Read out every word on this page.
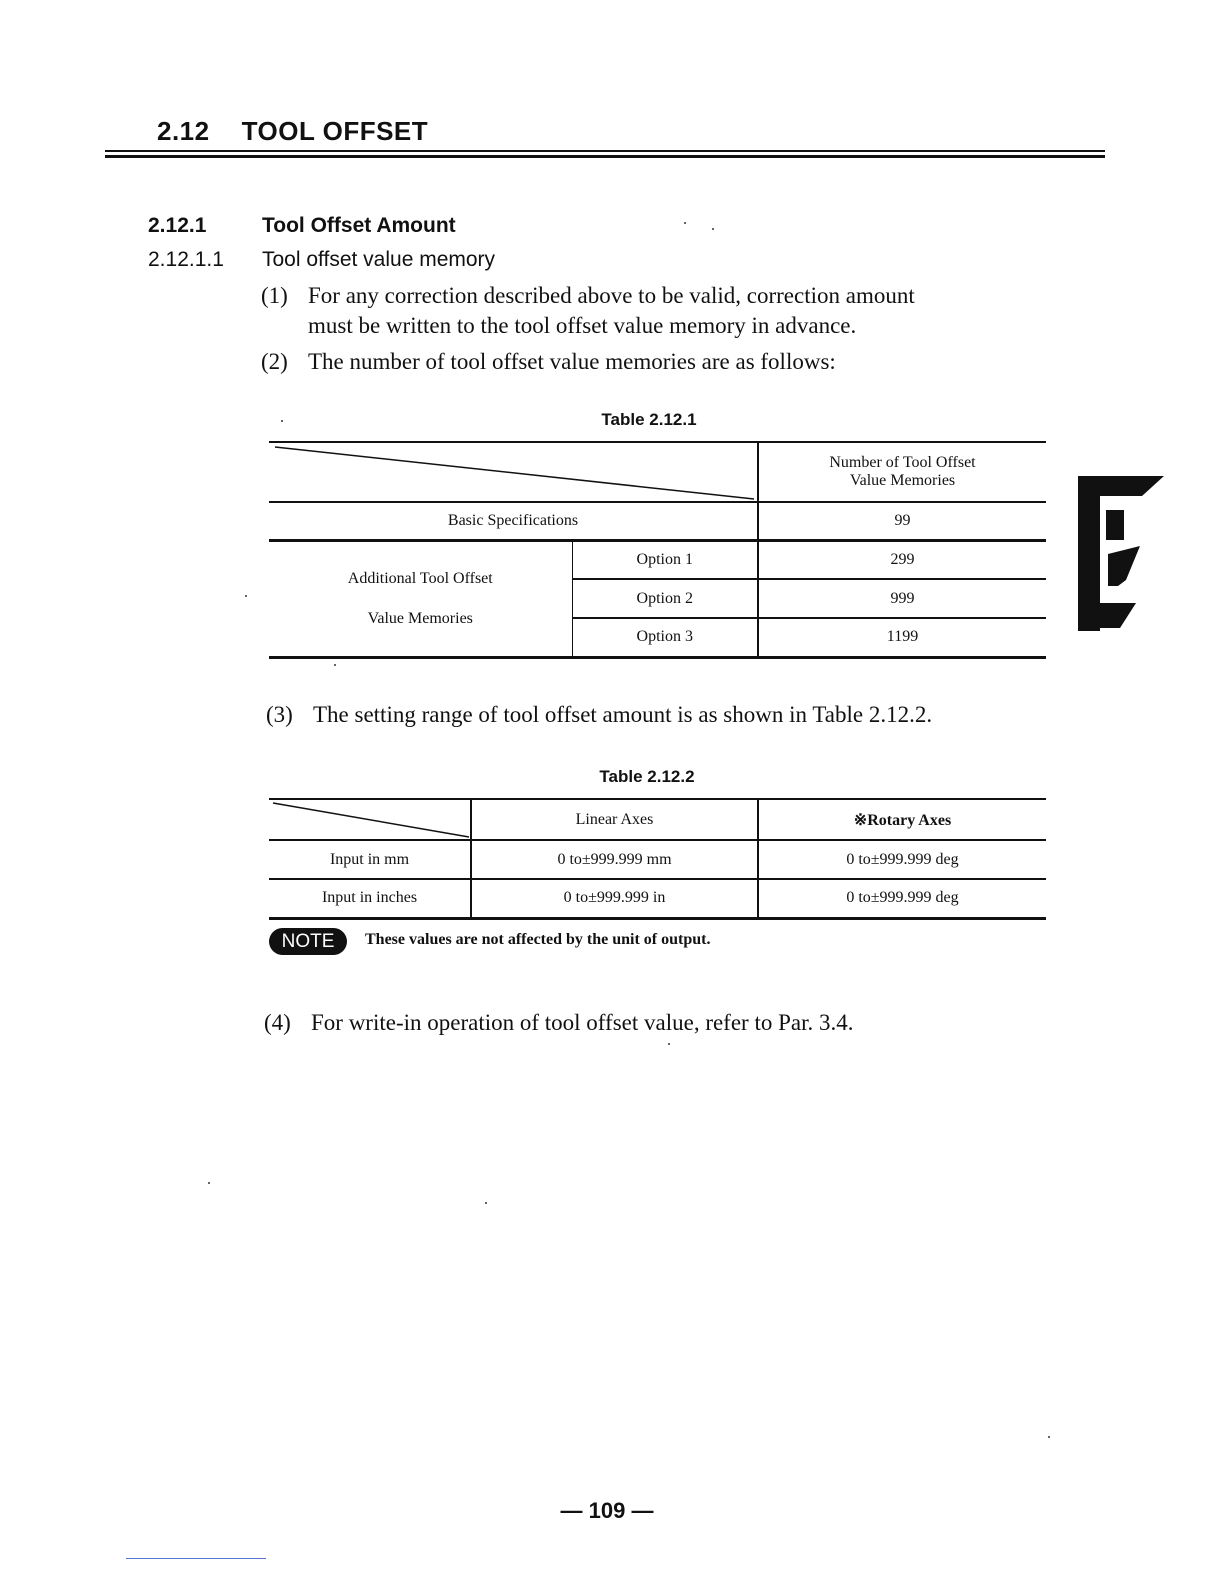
2.12 TOOL OFFSET
2.12.1	Tool Offset Amount
2.12.1.1 Tool offset value memory
(1) For any correction described above to be valid, correction amount
must be written to the tool offset value memory in advance.
(2) The number of tool offset value memories are as follows:
Table 2.12.1

Number of Tool Offset
Value Memories

Basic Specifications		99

Additional Tool Offset
Value Memories	Option 1	299
	Option 2	999
	Option 3	1199
(3) The setting range of tool offset amount is as shown in Table 2.12.2.
Table 2.12.2
	Linear Axes	※Rotary Axes
Input in mm	0 to±999.999 mm	0 to±999.999 deg
Input in inches	0 to±999.999 in	0 to±999.999 deg
NOTE	These values are not affected by the unit of output.
(4) For write-in operation of tool offset value, refer to Par. 3.4.
— 109 —
